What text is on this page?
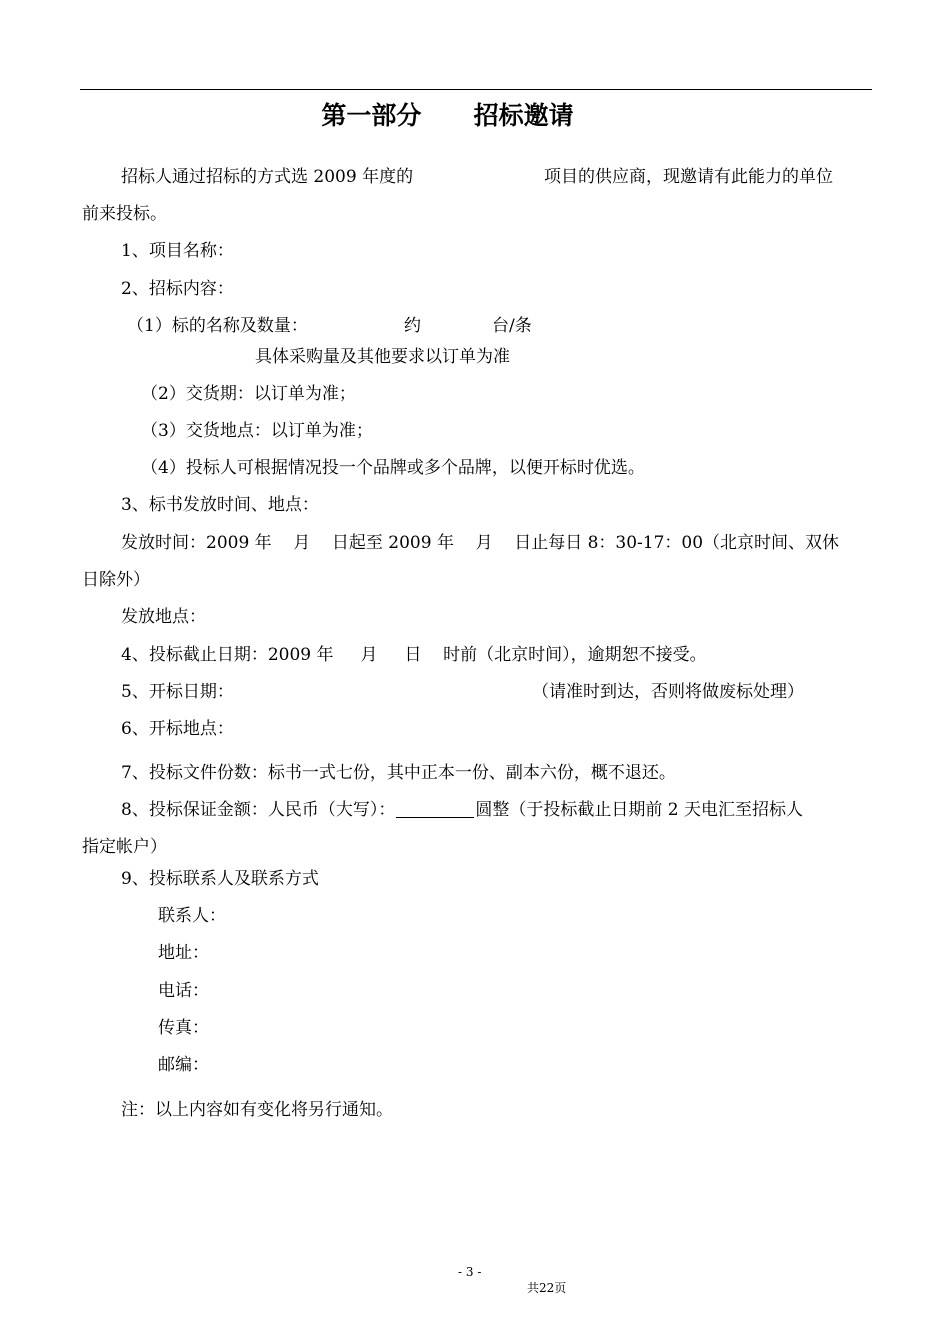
第一部分      招标邀请
招标人通过招标的方式选 2009 年度的	项目的供应商，现邀请有此能力的单位
前来投标。
1、项目名称：
2、招标内容：
（1）标的名称及数量：	约	台/条
具体采购量及其他要求以订单为准
（2）交货期：以订单为准；
（3）交货地点：以订单为准；
（4）投标人可根据情况投一个品牌或多个品牌，以便开标时优选。
3、标书发放时间、地点：
发放时间：2009 年    月    日起至 2009 年    月    日止每日 8：30-17：00（北京时间、双休
日除外）
发放地点：
4、投标截止日期：2009 年     月     日    时前（北京时间），逾期恕不接受。
5、开标日期：	（请准时到达，否则将做废标处理）
6、开标地点：
7、投标文件份数：标书一式七份，其中正本一份、副本六份，概不退还。
8、投标保证金额：人民币（大写）：	圆整（于投标截止日期前 2 天电汇至招标人
指定帐户）
9、投标联系人及联系方式
联系人：
地址：
电话：
传真：
邮编：
注：以上内容如有变化将另行通知。

- 3 -

共22页
